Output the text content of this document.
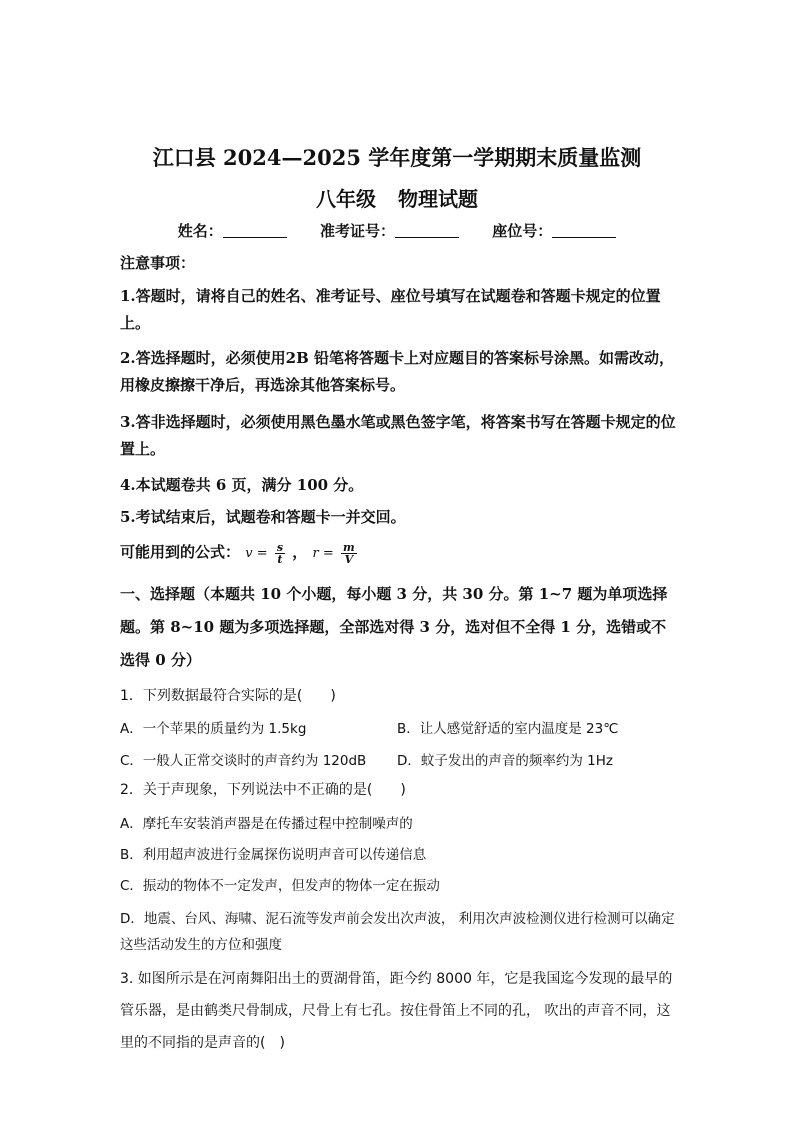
江口县 2024—2025 学年度第一学期期末质量监测
八年级 物理试题
姓名：	准考证号：	座位号：
注意事项：
1.答题时，请将自己的姓名、准考证号、座位号填写在试题卷和答题卡规定的位置上。
2.答选择题时，必须使用2B 铅笔将答题卡上对应题目的答案标号涂黑。如需改动，用橡皮擦擦干净后，再选涂其他答案标号。
3.答非选择题时，必须使用黑色墨水笔或黑色签字笔，将答案书写在答题卡规定的位置上。
4.本试题卷共 6 页，满分 100 分。
5.考试结束后，试题卷和答题卡一并交回。
可能用到的公式： $v = \frac{s}{t}$ ， $r = \frac{m}{V}$
一、选择题（本题共 10 个小题，每小题 3 分，共 30 分。第 1~7 题为单项选择题。第 8~10 题为多项选择题，全部选对得 3 分，选对但不全得 1 分，选错或不选得 0 分）
1．下列数据最符合实际的是(　　)
A．一个苹果的质量约为 1.5kg	B．让人感觉舒适的室内温度是 23℃
C．一般人正常交谈时的声音约为 120dB D．蚊子发出的声音的频率约为 1Hz
2．关于声现象，下列说法中不正确的是(　　)
A．摩托车安装消声器是在传播过程中控制噪声的
B．利用超声波进行金属探伤说明声音可以传递信息
C．振动的物体不一定发声，但发声的物体一定在振动
D．地震、台风、海啸、泥石流等发声前会发出次声波， 利用次声波检测仪进行检测可以确定这些活动发生的方位和强度
3. 如图所示是在河南舞阳出土的贾湖骨笛，距今约 8000 年，它是我国迄今发现的最早的管乐器，是由鹤类尺骨制成，尺骨上有七孔。按住骨笛上不同的孔， 吹出的声音不同，这里的不同指的是声音的(　)
